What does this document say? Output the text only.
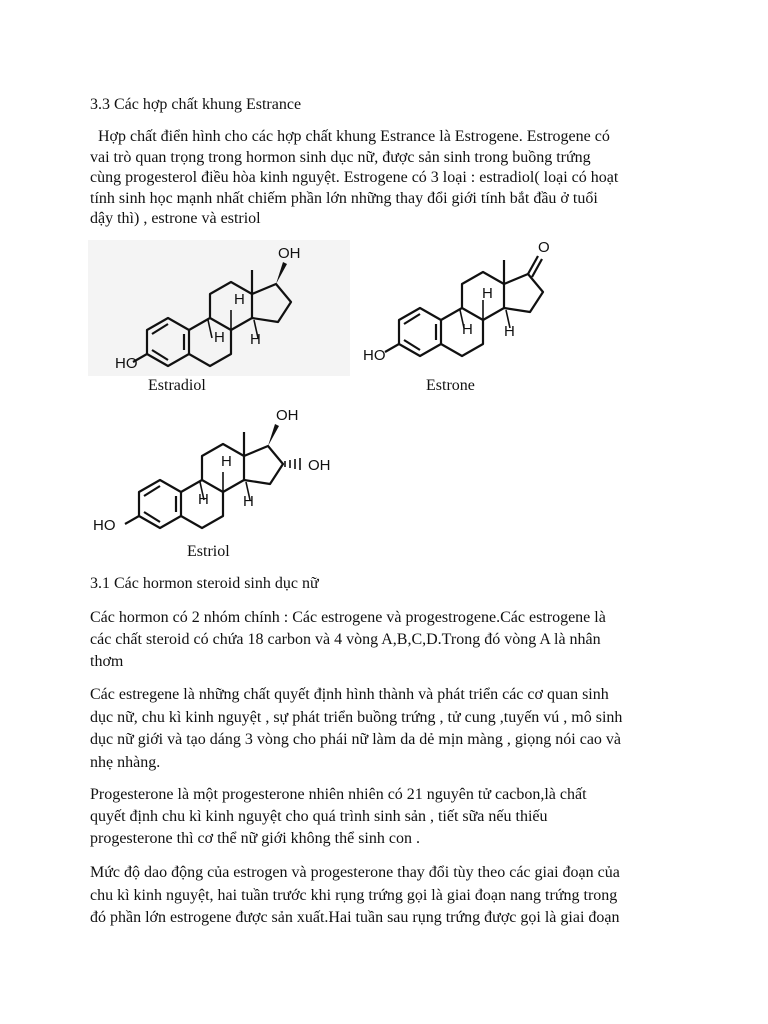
3.3 Các hợp chất khung Estrance

Hợp chất điển hình cho các hợp chất khung Estrance là Estrogene. Estrogene có
vai trò quan trọng trong hormon sinh dục nữ, được sản sinh trong buồng trứng
cùng progesterol điều hòa kinh nguyệt. Estrogene có 3 loại : estradiol( loại có hoạt
tính sinh học mạnh nhất chiếm phần lớn những thay đổi giới tính bắt đầu ở tuổi
dậy thì) , estrone và estriol
OH
HO
H
H H

Estradiol

O
HO
H
H H

Estrone

OH
OH
HO
H
H H

Estriol

3.1 Các hormon steroid sinh dục nữ

Các hormon có 2 nhóm chính : Các estrogene và progestrogene.Các estrogene là
các chất steroid có chứa 18 carbon và 4 vòng A,B,C,D.Trong đó vòng A là nhân
thơm
Các estregene là những chất quyết định hình thành và phát triển các cơ quan sinh
dục nữ, chu kì kinh nguyệt , sự phát triển buồng trứng , tử cung ,tuyến vú , mô sinh
dục nữ giới và tạo dáng 3 vòng cho phái nữ làm da dẻ mịn màng , giọng nói cao và
nhẹ nhàng.
Progesterone là một progesterone nhiên nhiên có 21 nguyên tử cacbon,là chất
quyết định chu kì kinh nguyệt cho quá trình sinh sản , tiết sữa nếu thiếu
progesterone thì cơ thể nữ giới không thể sinh con .
Mức độ dao động của estrogen và progesterone thay đổi tùy theo các giai đoạn của
chu kì kinh nguyệt, hai tuần trước khi rụng trứng gọi là giai đoạn nang trứng trong
đó phần lớn estrogene được sản xuất.Hai tuần sau rụng trứng được gọi là giai đoạn
